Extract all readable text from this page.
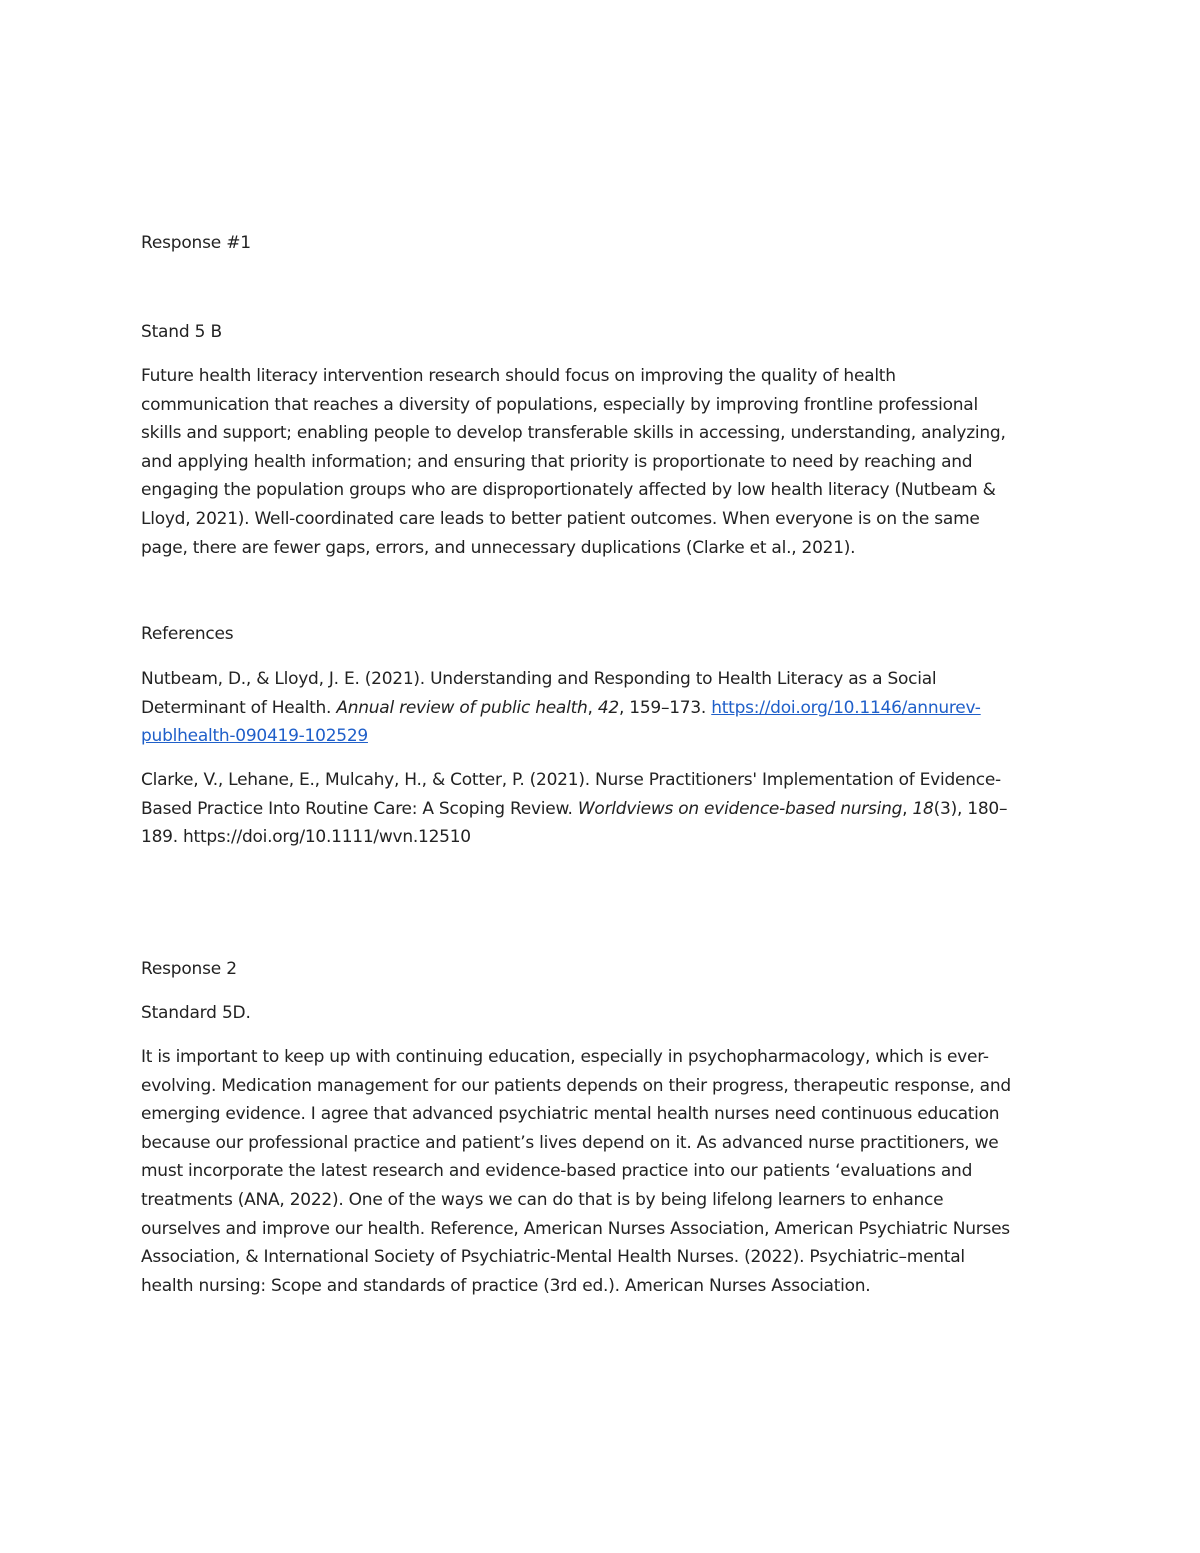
Response #1
Stand 5 B
Future health literacy intervention research should focus on improving the quality of health
communication that reaches a diversity of populations, especially by improving frontline professional
skills and support; enabling people to develop transferable skills in accessing, understanding, analyzing,
and applying health information; and ensuring that priority is proportionate to need by reaching and
engaging the population groups who are disproportionately affected by low health literacy (Nutbeam &
Lloyd, 2021). Well-coordinated care leads to better patient outcomes. When everyone is on the same
page, there are fewer gaps, errors, and unnecessary duplications (Clarke et al., 2021).
References
Nutbeam, D., & Lloyd, J. E. (2021). Understanding and Responding to Health Literacy as a Social
Determinant of Health. Annual review of public health, 42, 159–173. https://doi.org/10.1146/annurev-
publhealth-090419-102529
Clarke, V., Lehane, E., Mulcahy, H., & Cotter, P. (2021). Nurse Practitioners' Implementation of Evidence-
Based Practice Into Routine Care: A Scoping Review. Worldviews on evidence-based nursing, 18(3), 180–
189. https://doi.org/10.1111/wvn.12510
Response 2
Standard 5D.
It is important to keep up with continuing education, especially in psychopharmacology, which is ever-
evolving. Medication management for our patients depends on their progress, therapeutic response, and
emerging evidence. I agree that advanced psychiatric mental health nurses need continuous education
because our professional practice and patient’s lives depend on it. As advanced nurse practitioners, we
must incorporate the latest research and evidence-based practice into our patients ‘evaluations and
treatments (ANA, 2022). One of the ways we can do that is by being lifelong learners to enhance
ourselves and improve our health. Reference, American Nurses Association, American Psychiatric Nurses
Association, & International Society of Psychiatric-Mental Health Nurses. (2022). Psychiatric–mental
health nursing: Scope and standards of practice (3rd ed.). American Nurses Association.
